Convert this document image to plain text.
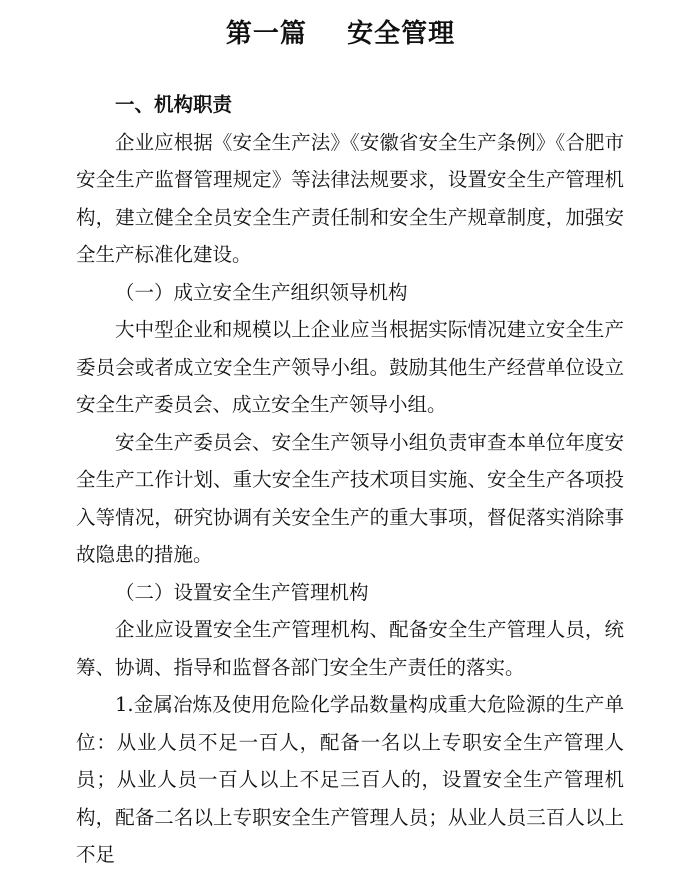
第一篇    安全管理
一、机构职责

企业应根据《安全生产法》《安徽省安全生产条例》《合肥市安全生产监督管理规定》等法律法规要求，设置安全生产管理机构，建立健全全员安全生产责任制和安全生产规章制度，加强安全生产标准化建设。

（一）成立安全生产组织领导机构

大中型企业和规模以上企业应当根据实际情况建立安全生产委员会或者成立安全生产领导小组。鼓励其他生产经营单位设立安全生产委员会、成立安全生产领导小组。

安全生产委员会、安全生产领导小组负责审查本单位年度安全生产工作计划、重大安全生产技术项目实施、安全生产各项投入等情况，研究协调有关安全生产的重大事项，督促落实消除事故隐患的措施。

（二）设置安全生产管理机构

企业应设置安全生产管理机构、配备安全生产管理人员，统筹、协调、指导和监督各部门安全生产责任的落实。

1.金属冶炼及使用危险化学品数量构成重大危险源的生产单位：从业人员不足一百人，配备一名以上专职安全生产管理人员；从业人员一百人以上不足三百人的，设置安全生产管理机构，配备二名以上专职安全生产管理人员；从业人员三百人以上不足
